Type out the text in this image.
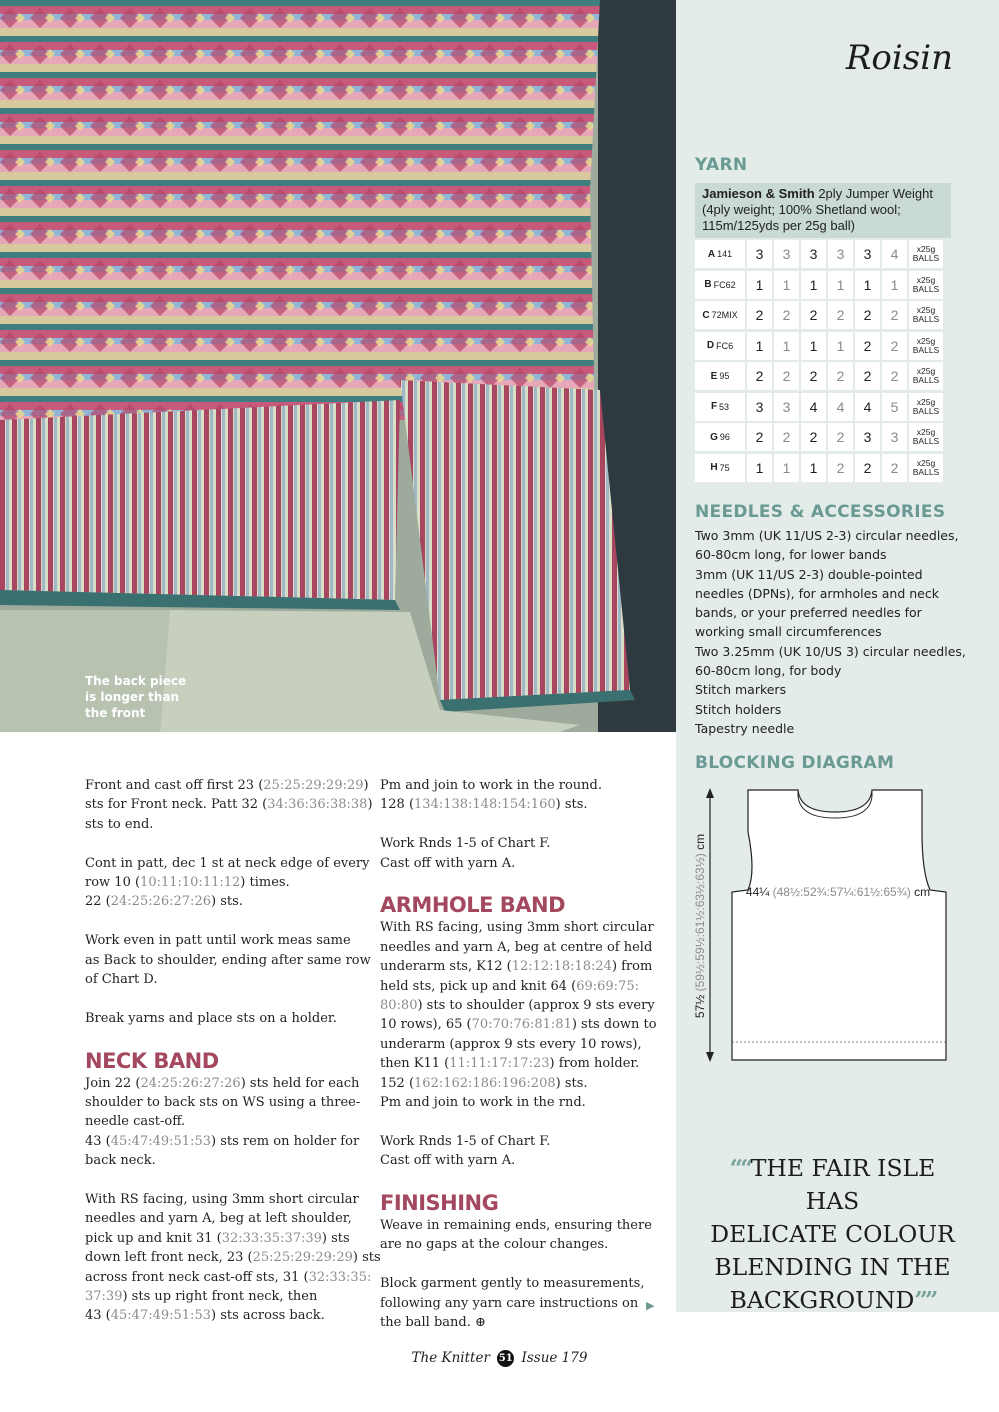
The back piece
is longer than
the front
Roisin
YARN
Jamieson & Smith 2ply Jumper Weight
(4ply weight; 100% Shetland wool;
115m/125yds per 25g ball)
A 141	3	3	3	3	3	4	x25g
BALLS
B FC62	1	1	1	1	1	1	x25g
BALLS
C 72MIX	2	2	2	2	2	2	x25g
BALLS
D FC6	1	1	1	1	2	2	x25g
BALLS
E 95	2	2	2	2	2	2	x25g
BALLS
F 53	3	3	4	4	4	5	x25g
BALLS
G 96	2	2	2	2	3	3	x25g
BALLS
H 75	1	1	1	2	2	2	x25g
BALLS
NEEDLES & ACCESSORIES
Two 3mm (UK 11/US 2-3) circular needles,
60-80cm long, for lower bands
3mm (UK 11/US 2-3) double-pointed
needles (DPNs), for armholes and neck
bands, or your preferred needles for
working small circumferences
Two 3.25mm (UK 10/US 3) circular needles,
60-80cm long, for body
Stitch markers
Stitch holders
Tapestry needle
BLOCKING DIAGRAM
57½ (59½:59½:61½:63½:63½) cm
44¼ (48½:52¾:57¼:61½:65¾) cm
““THE FAIR ISLE HAS
DELICATE COLOUR
BLENDING IN THE
BACKGROUND””

Front and cast off first 23 (25:25:29:29:29)
sts for Front neck. Patt 32 (34:36:36:38:38)
sts to end.

Cont in patt, dec 1 st at neck edge of every
row 10 (10:11:10:11:12) times.
22 (24:25:26:27:26) sts.

Work even in patt until work meas same
as Back to shoulder, ending after same row
of Chart D.

Break yarns and place sts on a holder.

NECK BAND

Join 22 (24:25:26:27:26) sts held for each
shoulder to back sts on WS using a three-
needle cast-off.
43 (45:47:49:51:53) sts rem on holder for
back neck.

With RS facing, using 3mm short circular
needles and yarn A, beg at left shoulder,
pick up and knit 31 (32:33:35:37:39) sts
down left front neck, 23 (25:25:29:29:29) sts
across front neck cast-off sts, 31 (32:33:35:
37:39) sts up right front neck, then
43 (45:47:49:51:53) sts across back.

Pm and join to work in the round.
128 (134:138:148:154:160) sts.

Work Rnds 1-5 of Chart F.
Cast off with yarn A.

ARMHOLE BAND

With RS facing, using 3mm short circular
needles and yarn A, beg at centre of held
underarm sts, K12 (12:12:18:18:24) from
held sts, pick up and knit 64 (69:69:75:
80:80) sts to shoulder (approx 9 sts every
10 rows), 65 (70:70:76:81:81) sts down to
underarm (approx 9 sts every 10 rows),
then K11 (11:11:17:17:23) from holder.
152 (162:162:186:196:208) sts.
Pm and join to work in the rnd.

Work Rnds 1-5 of Chart F.
Cast off with yarn A.

FINISHING

Weave in remaining ends, ensuring there
are no gaps at the colour changes.

Block garment gently to measurements,
following any yarn care instructions on
the ball band. ⊕

▶
The Knitter 51 Issue 179
